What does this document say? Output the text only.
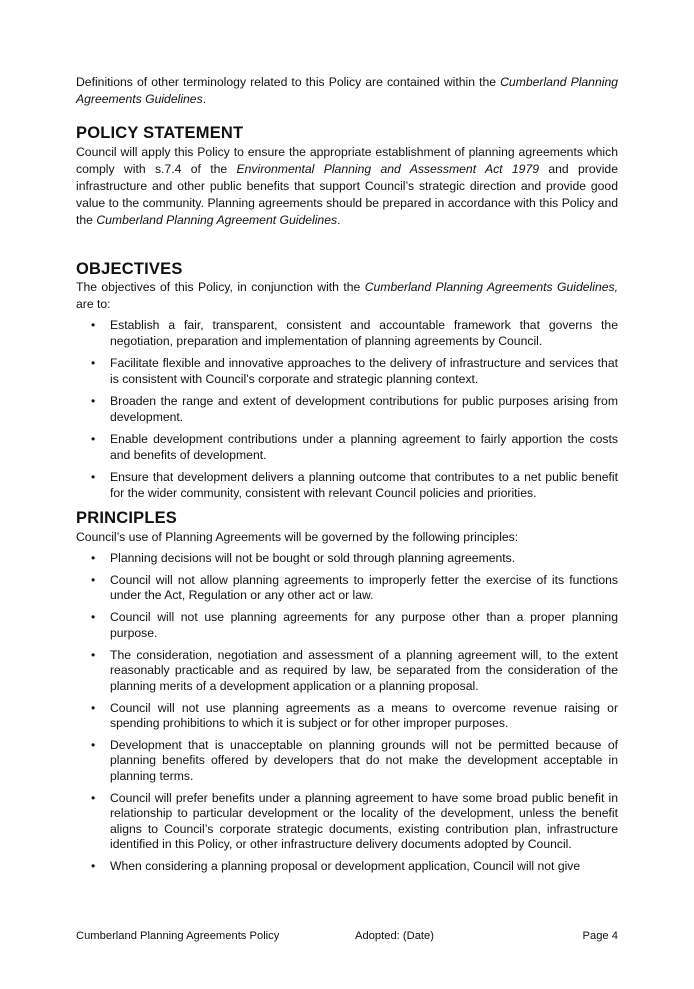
Definitions of other terminology related to this Policy are contained within the Cumberland Planning Agreements Guidelines.

POLICY STATEMENT

Council will apply this Policy to ensure the appropriate establishment of planning agreements which comply with s.7.4 of the Environmental Planning and Assessment Act 1979 and provide infrastructure and other public benefits that support Council’s strategic direction and provide good value to the community. Planning agreements should be prepared in accordance with this Policy and the Cumberland Planning Agreement Guidelines.

OBJECTIVES

The objectives of this Policy, in conjunction with the Cumberland Planning Agreements Guidelines, are to:

• Establish a fair, transparent, consistent and accountable framework that governs the negotiation, preparation and implementation of planning agreements by Council.
• Facilitate flexible and innovative approaches to the delivery of infrastructure and services that is consistent with Council’s corporate and strategic planning context.
• Broaden the range and extent of development contributions for public purposes arising from development.
• Enable development contributions under a planning agreement to fairly apportion the costs and benefits of development.
• Ensure that development delivers a planning outcome that contributes to a net public benefit for the wider community, consistent with relevant Council policies and priorities.
PRINCIPLES

Council’s use of Planning Agreements will be governed by the following principles:

• Planning decisions will not be bought or sold through planning agreements.
• Council will not allow planning agreements to improperly fetter the exercise of its functions under the Act, Regulation or any other act or law.
• Council will not use planning agreements for any purpose other than a proper planning purpose.
• The consideration, negotiation and assessment of a planning agreement will, to the extent reasonably practicable and as required by law, be separated from the consideration of the planning merits of a development application or a planning proposal.
• Council will not use planning agreements as a means to overcome revenue raising or spending prohibitions to which it is subject or for other improper purposes.
• Development that is unacceptable on planning grounds will not be permitted because of planning benefits offered by developers that do not make the development acceptable in planning terms.
• Council will prefer benefits under a planning agreement to have some broad public benefit in relationship to particular development or the locality of the development, unless the benefit aligns to Council’s corporate strategic documents, existing contribution plan, infrastructure identified in this Policy, or other infrastructure delivery documents adopted by Council.
• When considering a planning proposal or development application, Council will not give
Cumberland Planning Agreements Policy	Adopted: (Date)	Page 4
